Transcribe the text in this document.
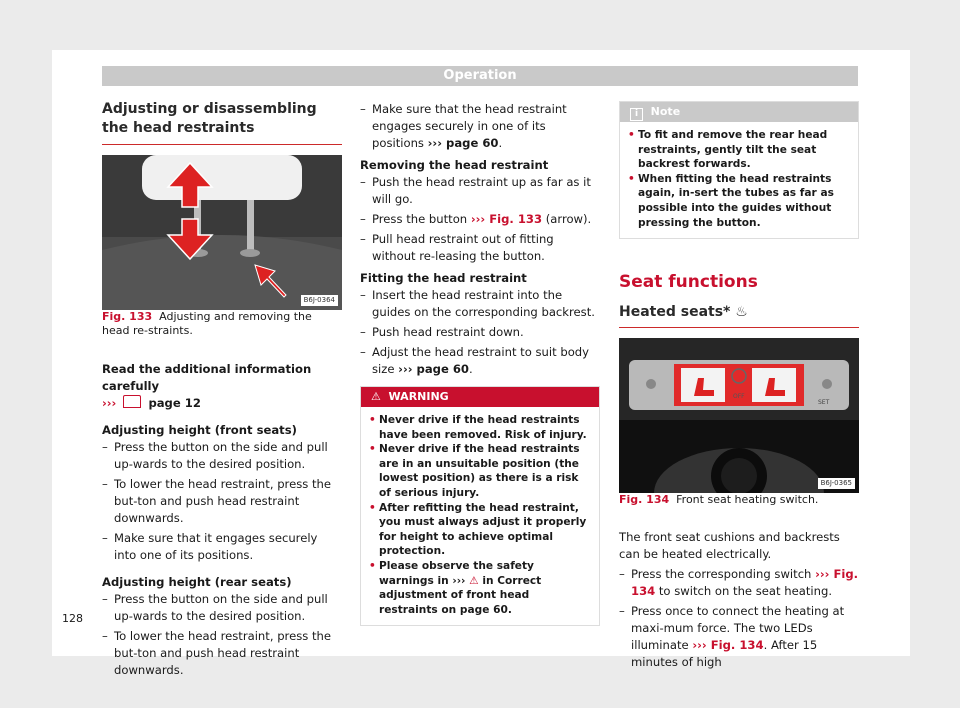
Operation

Adjusting or disassembling the head restraints

B6J-0364

Fig. 133 Adjusting and removing the head re-straints.

Read the additional information carefully
›››	page 12

Adjusting height (front seats)

– Press the button on the side and pull up-wards to the desired position.

– To lower the head restraint, press the but-ton and push head restraint downwards.

– Make sure that it engages securely into one of its positions.

Adjusting height (rear seats)

– Press the button on the side and pull up-wards to the desired position.

– To lower the head restraint, press the but-ton and push head restraint downwards.

– Make sure that the head restraint engages securely in one of its positions ››› page 60.

Removing the head restraint

– Push the head restraint up as far as it will go.

– Press the button ››› Fig. 133 (arrow).

– Pull head restraint out of fitting without re-leasing the button.

Fitting the head restraint

– Insert the head restraint into the guides on the corresponding backrest.

– Push head restraint down.

– Adjust the head restraint to suit body size ››› page 60.

⚠ WARNING

• Never drive if the head restraints have been removed. Risk of injury.

• Never drive if the head restraints are in an unsuitable position (the lowest position) as there is a risk of serious injury.

• After refitting the head restraint, you must always adjust it properly for height to achieve optimal protection.

• Please observe the safety warnings in ››› ⚠ in Correct adjustment of front head restraints on page 60.

i Note

• To fit and remove the rear head restraints, gently tilt the seat backrest forwards.

• When fitting the head restraints again, in-sert the tubes as far as possible into the guides without pressing the button.

Seat functions

Heated seats* ♨

OFF
SET
B6J-0365

Fig. 134 Front seat heating switch.

The front seat cushions and backrests can be heated electrically.

– Press the corresponding switch ››› Fig. 134 to switch on the seat heating.

– Press once to connect the heating at maxi-mum force. The two LEDs illuminate ››› Fig. 134. After 15 minutes of high

128
